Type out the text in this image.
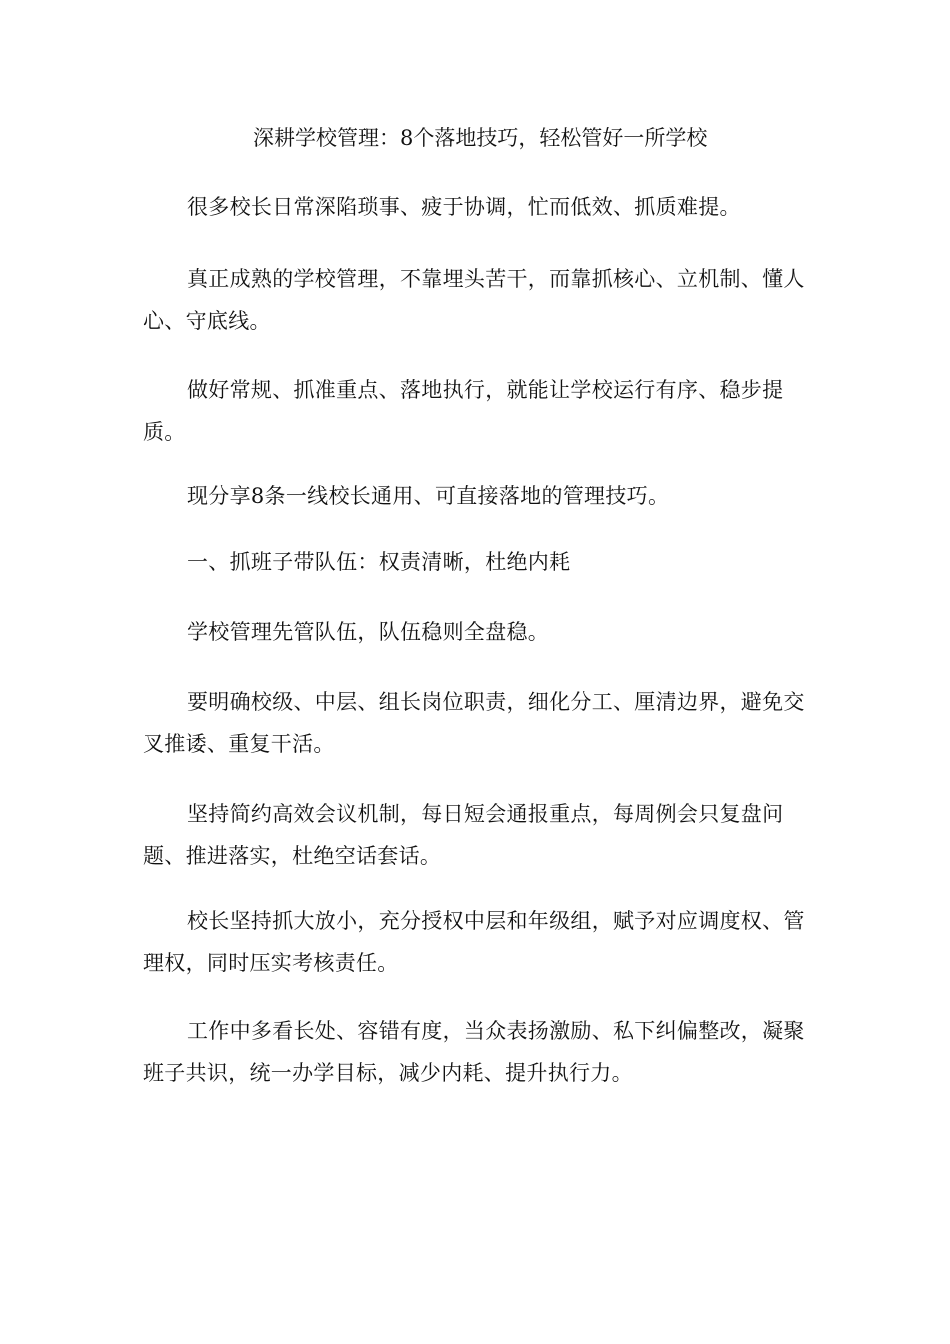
深耕学校管理：8个落地技巧，轻松管好一所学校

很多校长日常深陷琐事、疲于协调，忙而低效、抓质难提。

真正成熟的学校管理，不靠埋头苦干，而靠抓核心、立机制、懂人心、守底线。

做好常规、抓准重点、落地执行，就能让学校运行有序、稳步提质。

现分享8条一线校长通用、可直接落地的管理技巧。

一、抓班子带队伍：权责清晰，杜绝内耗

学校管理先管队伍，队伍稳则全盘稳。

要明确校级、中层、组长岗位职责，细化分工、厘清边界，避免交叉推诿、重复干活。

坚持简约高效会议机制，每日短会通报重点，每周例会只复盘问题、推进落实，杜绝空话套话。

校长坚持抓大放小，充分授权中层和年级组，赋予对应调度权、管理权，同时压实考核责任。

工作中多看长处、容错有度，当众表扬激励、私下纠偏整改，凝聚班子共识，统一办学目标，减少内耗、提升执行力。
